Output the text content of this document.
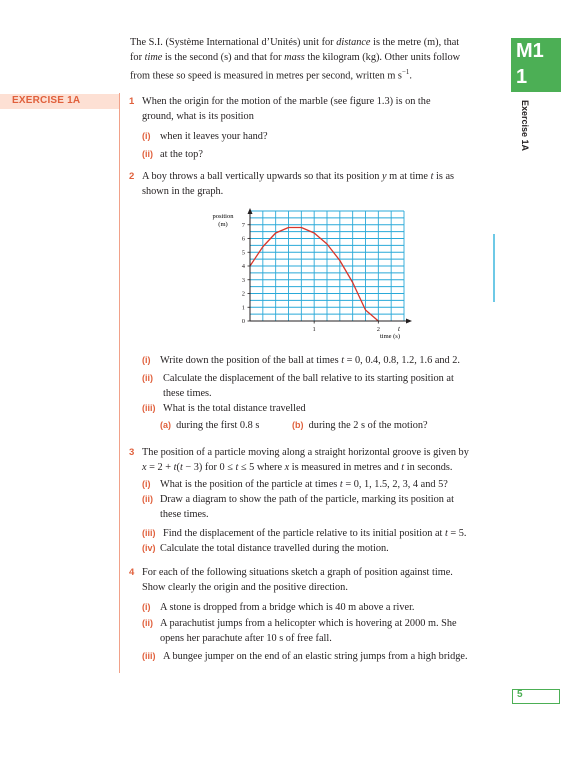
EXERCISE 1A
M1
1
Exercise 1A
The S.I. (Système International d’Unités) unit for distance is the metre (m), that
for time is the second (s) and that for mass the kilogram (kg). Other units follow
from these so speed is measured in metres per second, written m $s^{-1}$.
1 When the origin for the motion of the marble (see figure 1.3) is on the
ground, what is its position
(i) when it leaves your hand?
(ii) at the top?
2 A boy throws a ball vertically upwards so that its position y m at time t is as
shown in the graph.
0
1
2
3
4
5
6
7
1	2
position
(m)
t
time (s)
(i) Write down the position of the ball at times t = 0, 0.4, 0.8, 1.2, 1.6 and 2.
(ii) Calculate the displacement of the ball relative to its starting position at
these times.
(iii) What is the total distance travelled
(a) during the first 0.8 s	(b) during the 2 s of the motion?
3 The position of a particle moving along a straight horizontal groove is given by
x = 2 + t(t − 3) for 0 ≤ t ≤ 5 where x is measured in metres and t in seconds.
(i) What is the position of the particle at times t = 0, 1, 1.5, 2, 3, 4 and 5?
(ii) Draw a diagram to show the path of the particle, marking its position at
these times.
(iii) Find the displacement of the particle relative to its initial position at t = 5.
(iv) Calculate the total distance travelled during the motion.
4 For each of the following situations sketch a graph of position against time.
Show clearly the origin and the positive direction.
(i) A stone is dropped from a bridge which is 40 m above a river.
(ii) A parachutist jumps from a helicopter which is hovering at 2000 m. She
opens her parachute after 10 s of free fall.
(iii) A bungee jumper on the end of an elastic string jumps from a high bridge.
5
